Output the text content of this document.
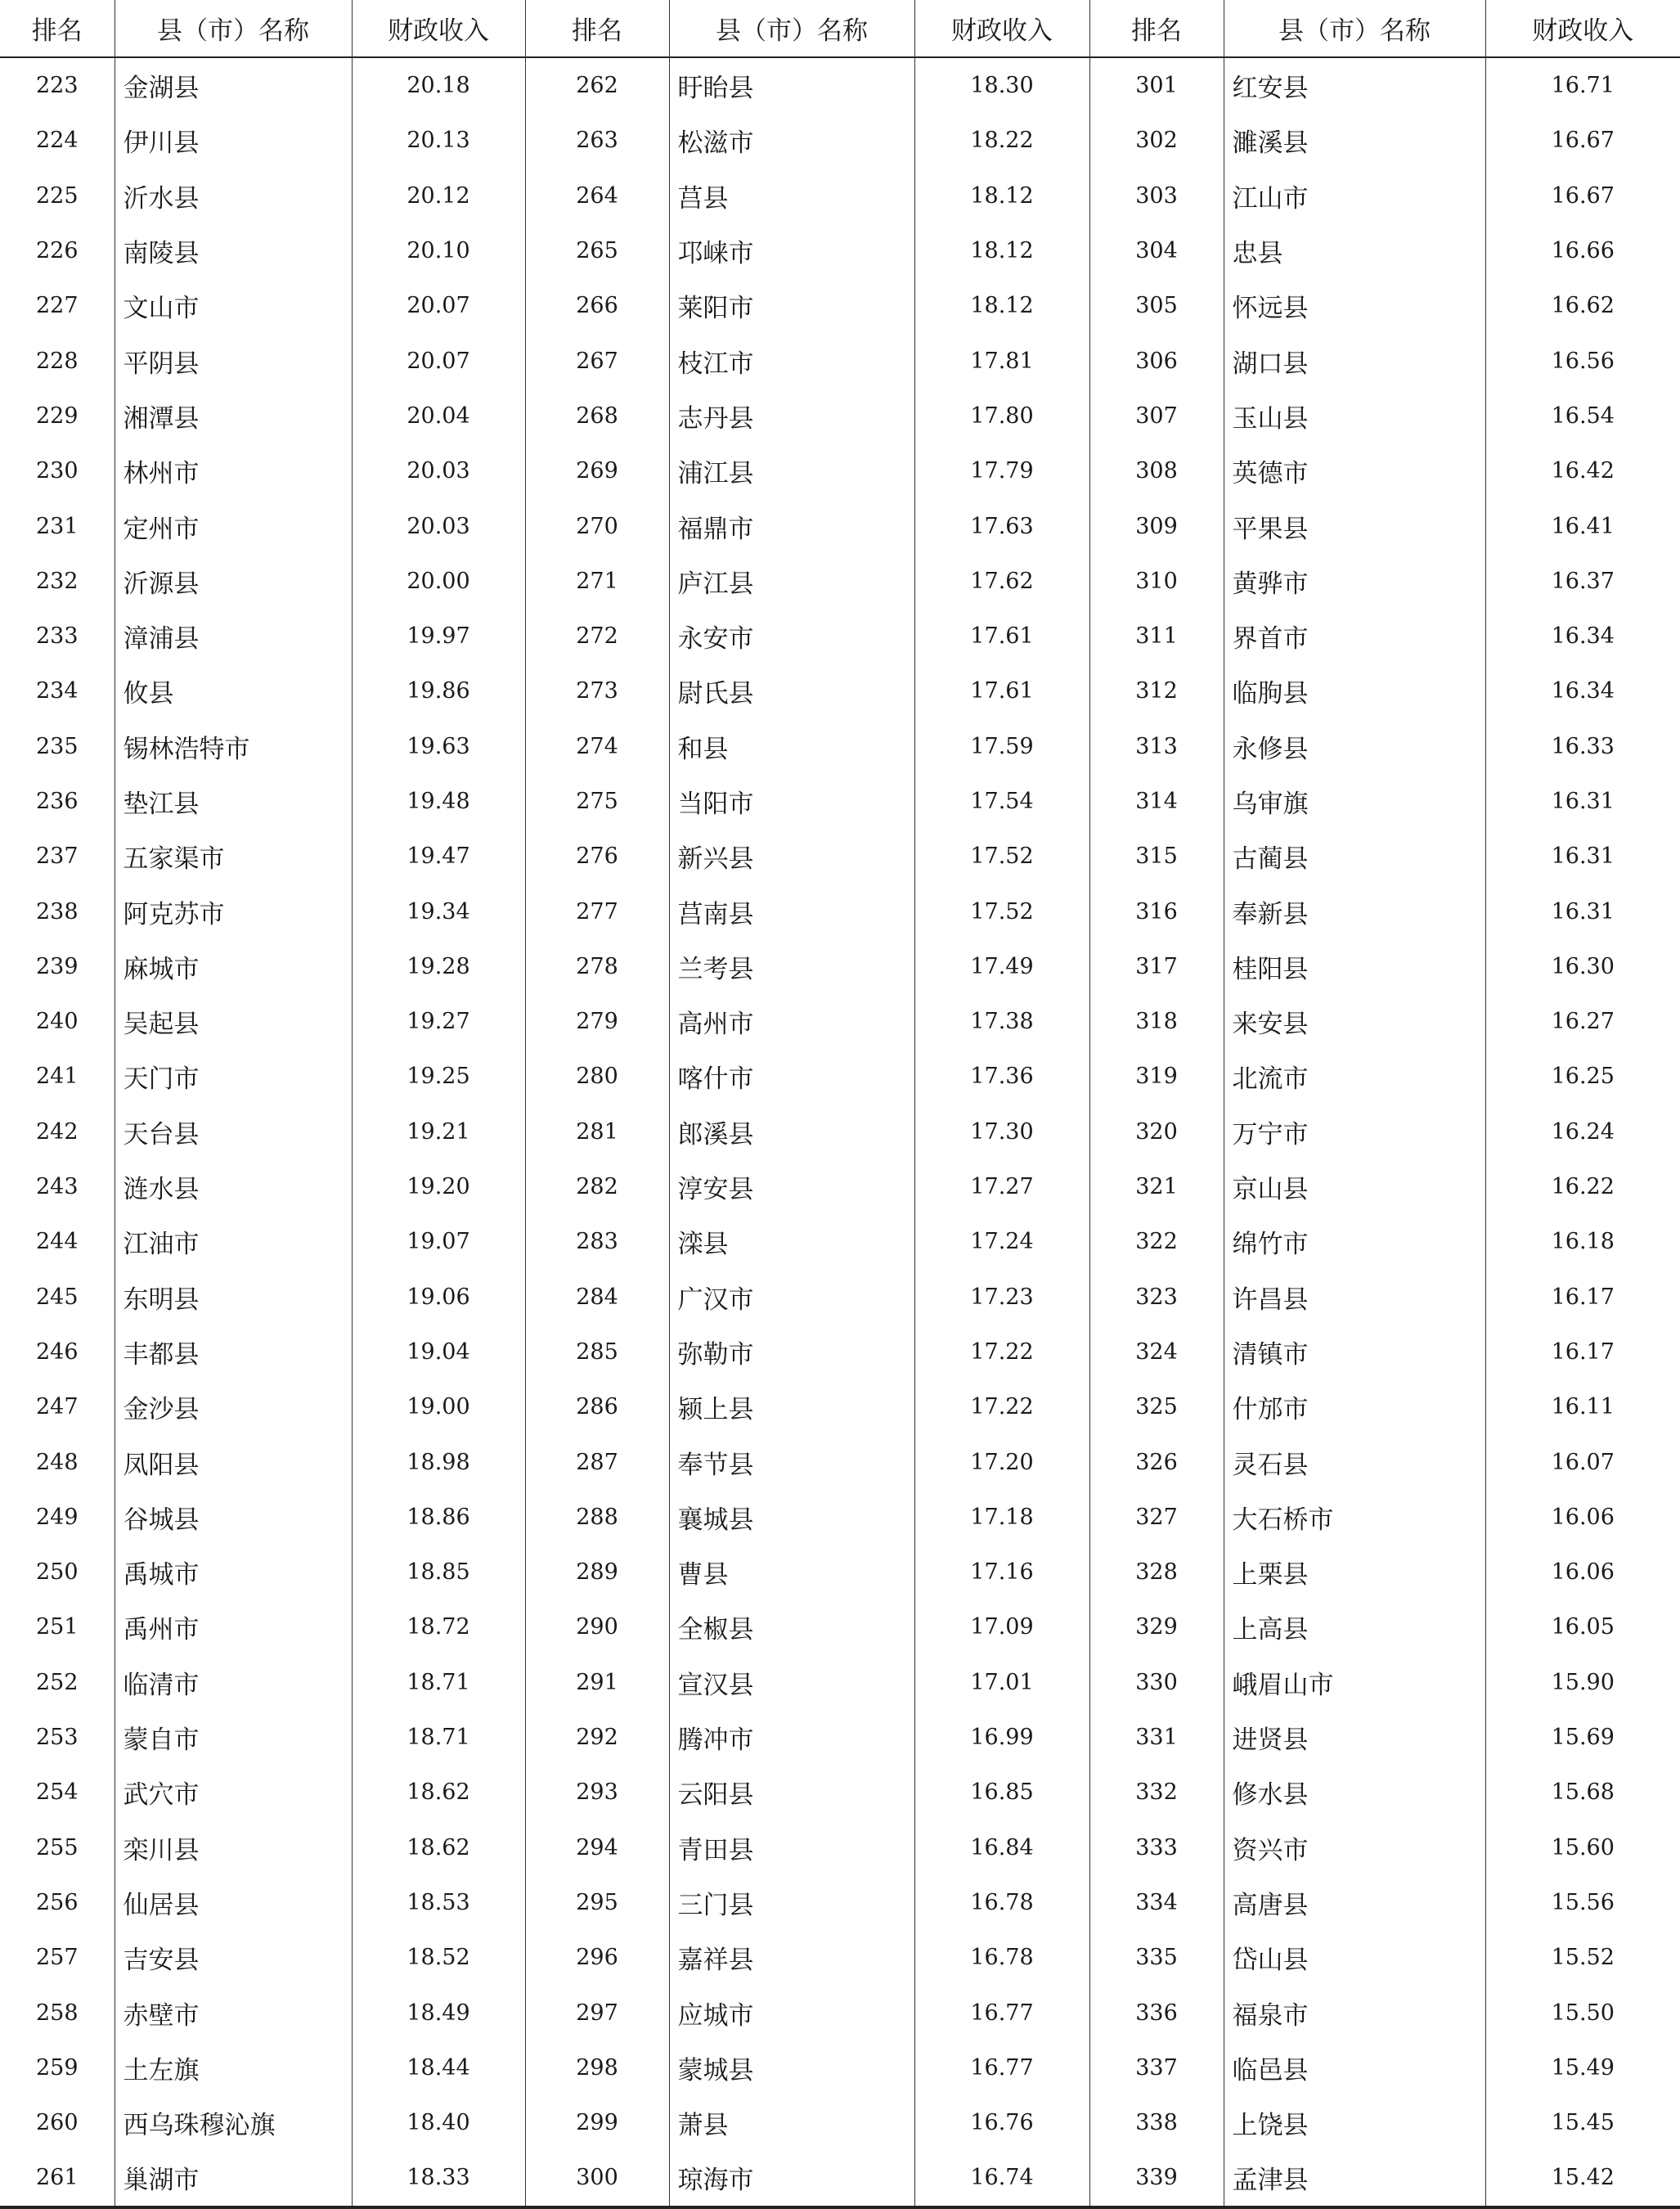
排名	县（市）名称	财政收入	排名	县（市）名称	财政收入	排名	县（市）名称	财政收入
223	金湖县	20.18	262	盱眙县	18.30	301	红安县	16.71
224	伊川县	20.13	263	松滋市	18.22	302	濉溪县	16.67
225	沂水县	20.12	264	莒县	18.12	303	江山市	16.67
226	南陵县	20.10	265	邛崃市	18.12	304	忠县	16.66
227	文山市	20.07	266	莱阳市	18.12	305	怀远县	16.62
228	平阴县	20.07	267	枝江市	17.81	306	湖口县	16.56
229	湘潭县	20.04	268	志丹县	17.80	307	玉山县	16.54
230	林州市	20.03	269	浦江县	17.79	308	英德市	16.42
231	定州市	20.03	270	福鼎市	17.63	309	平果县	16.41
232	沂源县	20.00	271	庐江县	17.62	310	黄骅市	16.37
233	漳浦县	19.97	272	永安市	17.61	311	界首市	16.34
234	攸县	19.86	273	尉氏县	17.61	312	临朐县	16.34
235	锡林浩特市	19.63	274	和县	17.59	313	永修县	16.33
236	垫江县	19.48	275	当阳市	17.54	314	乌审旗	16.31
237	五家渠市	19.47	276	新兴县	17.52	315	古蔺县	16.31
238	阿克苏市	19.34	277	莒南县	17.52	316	奉新县	16.31
239	麻城市	19.28	278	兰考县	17.49	317	桂阳县	16.30
240	吴起县	19.27	279	高州市	17.38	318	来安县	16.27
241	天门市	19.25	280	喀什市	17.36	319	北流市	16.25
242	天台县	19.21	281	郎溪县	17.30	320	万宁市	16.24
243	涟水县	19.20	282	淳安县	17.27	321	京山县	16.22
244	江油市	19.07	283	滦县	17.24	322	绵竹市	16.18
245	东明县	19.06	284	广汉市	17.23	323	许昌县	16.17
246	丰都县	19.04	285	弥勒市	17.22	324	清镇市	16.17
247	金沙县	19.00	286	颍上县	17.22	325	什邡市	16.11
248	凤阳县	18.98	287	奉节县	17.20	326	灵石县	16.07
249	谷城县	18.86	288	襄城县	17.18	327	大石桥市	16.06
250	禹城市	18.85	289	曹县	17.16	328	上栗县	16.06
251	禹州市	18.72	290	全椒县	17.09	329	上高县	16.05
252	临清市	18.71	291	宣汉县	17.01	330	峨眉山市	15.90
253	蒙自市	18.71	292	腾冲市	16.99	331	进贤县	15.69
254	武穴市	18.62	293	云阳县	16.85	332	修水县	15.68
255	栾川县	18.62	294	青田县	16.84	333	资兴市	15.60
256	仙居县	18.53	295	三门县	16.78	334	高唐县	15.56
257	吉安县	18.52	296	嘉祥县	16.78	335	岱山县	15.52
258	赤壁市	18.49	297	应城市	16.77	336	福泉市	15.50
259	土左旗	18.44	298	蒙城县	16.77	337	临邑县	15.49
260	西乌珠穆沁旗	18.40	299	萧县	16.76	338	上饶县	15.45
261	巢湖市	18.33	300	琼海市	16.74	339	孟津县	15.42
